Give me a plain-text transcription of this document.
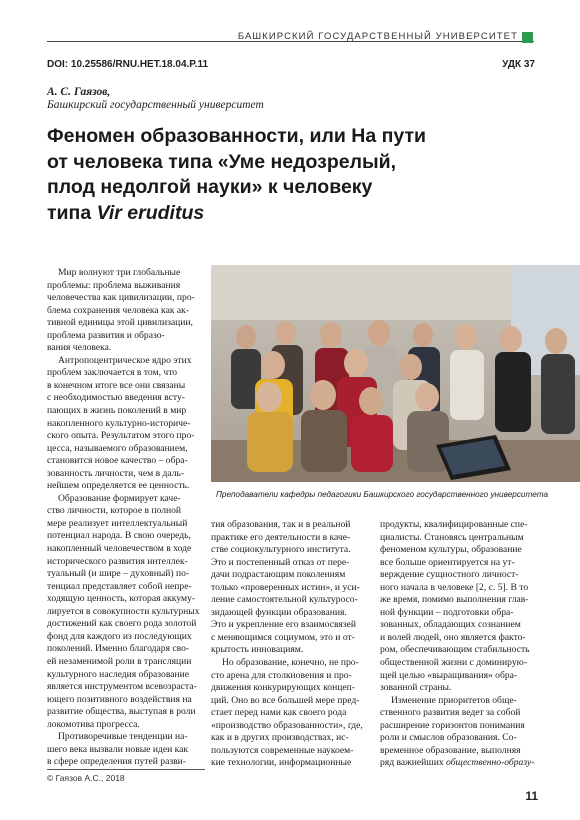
БАШКИРСКИЙ ГОСУДАРСТВЕННЫЙ УНИВЕРСИТЕТ
DOI: 10.25586/RNU.HET.18.04.P.11	УДК 37
А. С. Гаязов,
Башкирский государственный университет
Феномен образованности, или На пути
от человека типа «Уме недозрелый,
плод недолгой науки» к человеку
типа Vir eruditus

Мир волнуют три глобальные

проблемы: проблема выживания
человечества как цивилизации, про-
блема сохранения человека как ак-
тивной единицы этой цивилизации,
проблема развития и образо-
вания человека.
Антропоцентрическое ядро этих
проблем заключается в том, что
в конечном итоге все они связаны
с необходимостью введения всту-
пающих в жизнь поколений в мир
накопленного культурно-историче-
ского опыта. Результатом этого про-
цесса, называемого образованием,
становится новое качество – обра-
зованность личности, чем в даль-
нейшем определяется ее ценность.
Образование формирует каче-
ство личности, которое в полной
мере реализует интеллектуальный
потенциал народа. В свою очередь,
накопленный человечеством в ходе
исторического развития интеллек-
туальный (и шире – духовный) по-
тенциал представляет собой непре-
ходящую ценность, которая аккуму-
лируется в совокупности культурных
достижений как своего рода золотой
фонд для каждого из последующих
поколений. Именно благодаря сво-
ей незаменимой роли в трансляции
культурного наследия образование
является инструментом всевозраста-
ющего позитивного воздействия на
развитие общества, выступая в роли
локомотива прогресса.
Противоречивые тенденции на-
шего века вызвали новые идеи как
в сфере определения путей разви-
Преподаватели кафедры педагогики Башкирского государственного университета
тия образования, так и в реальной
практике его деятельности в каче-
стве социокультурного института.
Это и постепенный отказ от пере-
дачи подрастающим поколениям
только «проверенных истин», и уси-
ление самостоятельной культуросо-
зидающей функции образования.
Это и укрепление его взаимосвязей
с меняющимся социумом, это и от-
крытость инновациям.
Но образование, конечно, не про-
сто арена для столкновения и про-
движения конкурирующих концеп-
ций. Оно во все большей мере пред-
стает перед нами как своего рода
«производство образованности», где,
как и в других производствах, ис-
пользуются современные наукоем-
кие технологии, информационные
продукты, квалифицированные спе-
циалисты. Становясь центральным
феноменом культуры, образование
все больше ориентируется на ут-
верждение сущностного личност-
ного начала в человеке [2, с. 5]. В то
же время, помимо выполнения глав-
ной функции – подготовки обра-
зованных, обладающих сознанием
и волей людей, оно является факто-
ром, обеспечивающим стабильность
общественной жизни с доминирую-
щей целью «выращивания» обра-
зованной страны.
Изменение приоритетов обще-
ственного развития ведет за собой
расширение горизонтов понимания
роли и смыслов образования. Со-
временное образование, выполняя
ряд важнейших общественно-образу-
© Гаязов А.С., 2018
11
